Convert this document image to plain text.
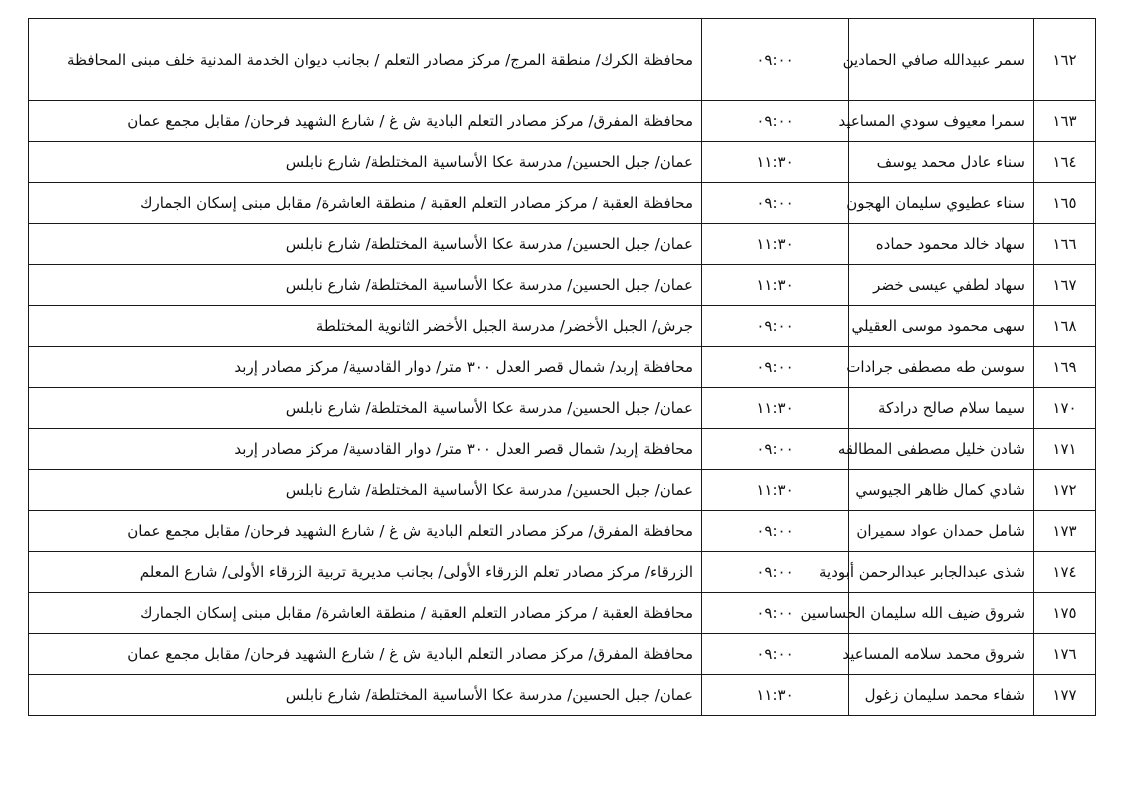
١٦٢	سمر عبيدالله صافي الحمادين	٠٩:٠٠	محافظة الكرك/ منطقة المرج/ مركز مصادر التعلم / بجانب ديوان الخدمة المدنية خلف مبنى المحافظة
١٦٣	سمرا معيوف سودي المساعيد	٠٩:٠٠	محافظة المفرق/ مركز مصادر التعلم البادية ش غ / شارع الشهيد فرحان/ مقابل مجمع عمان
١٦٤	سناء عادل محمد يوسف	١١:٣٠	عمان/ جبل الحسين/ مدرسة عكا الأساسية المختلطة/ شارع نابلس
١٦٥	سناء عطيوي سليمان الهجون	٠٩:٠٠	محافظة العقبة / مركز مصادر التعلم العقبة / منطقة العاشرة/ مقابل مبنى إسكان الجمارك
١٦٦	سهاد خالد محمود حماده	١١:٣٠	عمان/ جبل الحسين/ مدرسة عكا الأساسية المختلطة/ شارع نابلس
١٦٧	سهاد لطفي عيسى خضر	١١:٣٠	عمان/ جبل الحسين/ مدرسة عكا الأساسية المختلطة/ شارع نابلس
١٦٨	سهى محمود موسى العقيلي	٠٩:٠٠	جرش/ الجبل الأخضر/ مدرسة الجبل الأخضر الثانوية المختلطة
١٦٩	سوسن طه مصطفى جرادات	٠٩:٠٠	محافظة إربد/ شمال قصر العدل ٣٠٠ متر/ دوار القادسية/ مركز مصادر إربد
١٧٠	سيما سلام صالح درادكة	١١:٣٠	عمان/ جبل الحسين/ مدرسة عكا الأساسية المختلطة/ شارع نابلس
١٧١	شادن خليل مصطفى المطالقه	٠٩:٠٠	محافظة إربد/ شمال قصر العدل ٣٠٠ متر/ دوار القادسية/ مركز مصادر إربد
١٧٢	شادي كمال ظاهر الجيوسي	١١:٣٠	عمان/ جبل الحسين/ مدرسة عكا الأساسية المختلطة/ شارع نابلس
١٧٣	شامل حمدان عواد سميران	٠٩:٠٠	محافظة المفرق/ مركز مصادر التعلم البادية ش غ / شارع الشهيد فرحان/ مقابل مجمع عمان
١٧٤	شذى عبدالجابر عبدالرحمن أبودية	٠٩:٠٠	الزرقاء/ مركز مصادر تعلم الزرقاء الأولى/ بجانب مديرية تربية الزرقاء الأولى/ شارع المعلم
١٧٥	شروق ضيف الله سليمان الحساسين	٠٩:٠٠	محافظة العقبة / مركز مصادر التعلم العقبة / منطقة العاشرة/ مقابل مبنى إسكان الجمارك
١٧٦	شروق محمد سلامه المساعيد	٠٩:٠٠	محافظة المفرق/ مركز مصادر التعلم البادية ش غ / شارع الشهيد فرحان/ مقابل مجمع عمان
١٧٧	شفاء محمد سليمان زغول	١١:٣٠	عمان/ جبل الحسين/ مدرسة عكا الأساسية المختلطة/ شارع نابلس
